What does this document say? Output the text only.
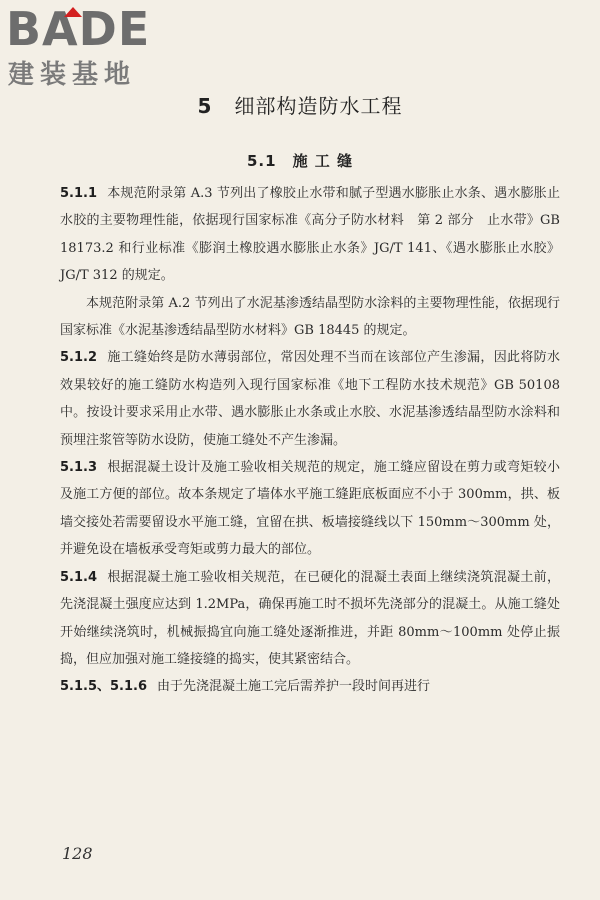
BADE
建装基地
5 细部构造防水工程
5.1 施 工 缝

5.1.1 本规范附录第 A.3 节列出了橡胶止水带和腻子型遇水膨胀止水条、遇水膨胀止水胶的主要物理性能，依据现行国家标准《高分子防水材料　第 2 部分　止水带》GB 18173.2 和行业标准《膨润土橡胶遇水膨胀止水条》JG/T 141、《遇水膨胀止水胶》JG/T 312 的规定。

本规范附录第 A.2 节列出了水泥基渗透结晶型防水涂料的主要物理性能，依据现行国家标准《水泥基渗透结晶型防水材料》GB 18445 的规定。

5.1.2 施工缝始终是防水薄弱部位，常因处理不当而在该部位产生渗漏，因此将防水效果较好的施工缝防水构造列入现行国家标准《地下工程防水技术规范》GB 50108 中。按设计要求采用止水带、遇水膨胀止水条或止水胶、水泥基渗透结晶型防水涂料和预埋注浆管等防水设防，使施工缝处不产生渗漏。

5.1.3 根据混凝土设计及施工验收相关规范的规定，施工缝应留设在剪力或弯矩较小及施工方便的部位。故本条规定了墙体水平施工缝距底板面应不小于 300mm，拱、板墙交接处若需要留设水平施工缝，宜留在拱、板墙接缝线以下 150mm～300mm 处，并避免设在墙板承受弯矩或剪力最大的部位。

5.1.4 根据混凝土施工验收相关规范，在已硬化的混凝土表面上继续浇筑混凝土前，先浇混凝土强度应达到 1.2MPa，确保再施工时不损坏先浇部分的混凝土。从施工缝处开始继续浇筑时，机械振捣宜向施工缝处逐渐推进，并距 80mm～100mm 处停止振捣，但应加强对施工缝接缝的捣实，使其紧密结合。

5.1.5、5.1.6 由于先浇混凝土施工完后需养护一段时间再进行

128
